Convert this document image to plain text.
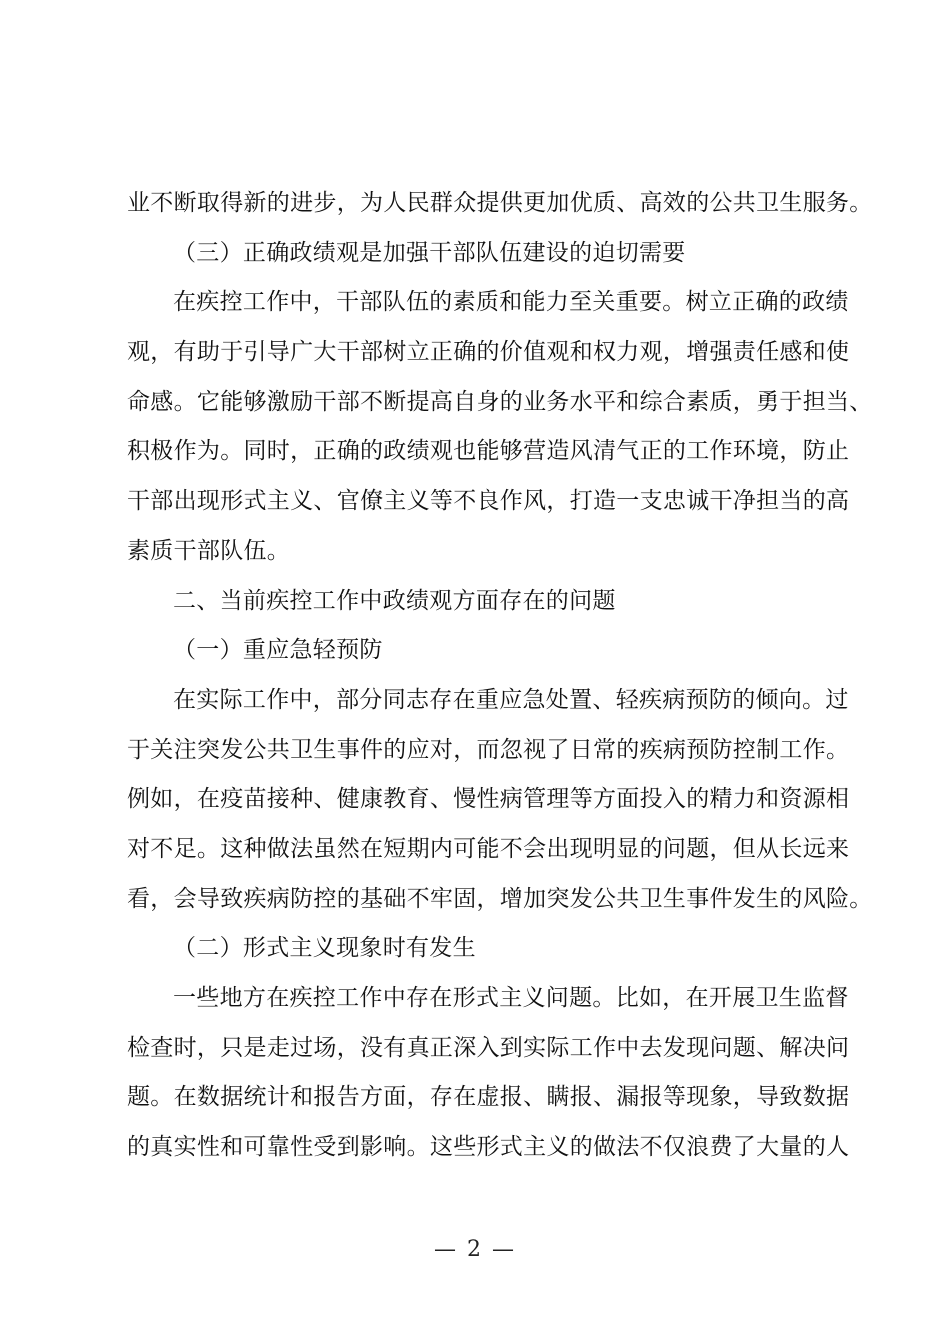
业不断取得新的进步，为人民群众提供更加优质、高效的公共卫生服务。
（三）正确政绩观是加强干部队伍建设的迫切需要
在疾控工作中，干部队伍的素质和能力至关重要。树立正确的政绩
观，有助于引导广大干部树立正确的价值观和权力观，增强责任感和使
命感。它能够激励干部不断提高自身的业务水平和综合素质，勇于担当、
积极作为。同时，正确的政绩观也能够营造风清气正的工作环境，防止
干部出现形式主义、官僚主义等不良作风，打造一支忠诚干净担当的高
素质干部队伍。
二、当前疾控工作中政绩观方面存在的问题
（一）重应急轻预防
在实际工作中，部分同志存在重应急处置、轻疾病预防的倾向。过
于关注突发公共卫生事件的应对，而忽视了日常的疾病预防控制工作。
例如，在疫苗接种、健康教育、慢性病管理等方面投入的精力和资源相
对不足。这种做法虽然在短期内可能不会出现明显的问题，但从长远来
看，会导致疾病防控的基础不牢固，增加突发公共卫生事件发生的风险。
（二）形式主义现象时有发生
一些地方在疾控工作中存在形式主义问题。比如，在开展卫生监督
检查时，只是走过场，没有真正深入到实际工作中去发现问题、解决问
题。在数据统计和报告方面，存在虚报、瞒报、漏报等现象，导致数据
的真实性和可靠性受到影响。这些形式主义的做法不仅浪费了大量的人
— 2 —
